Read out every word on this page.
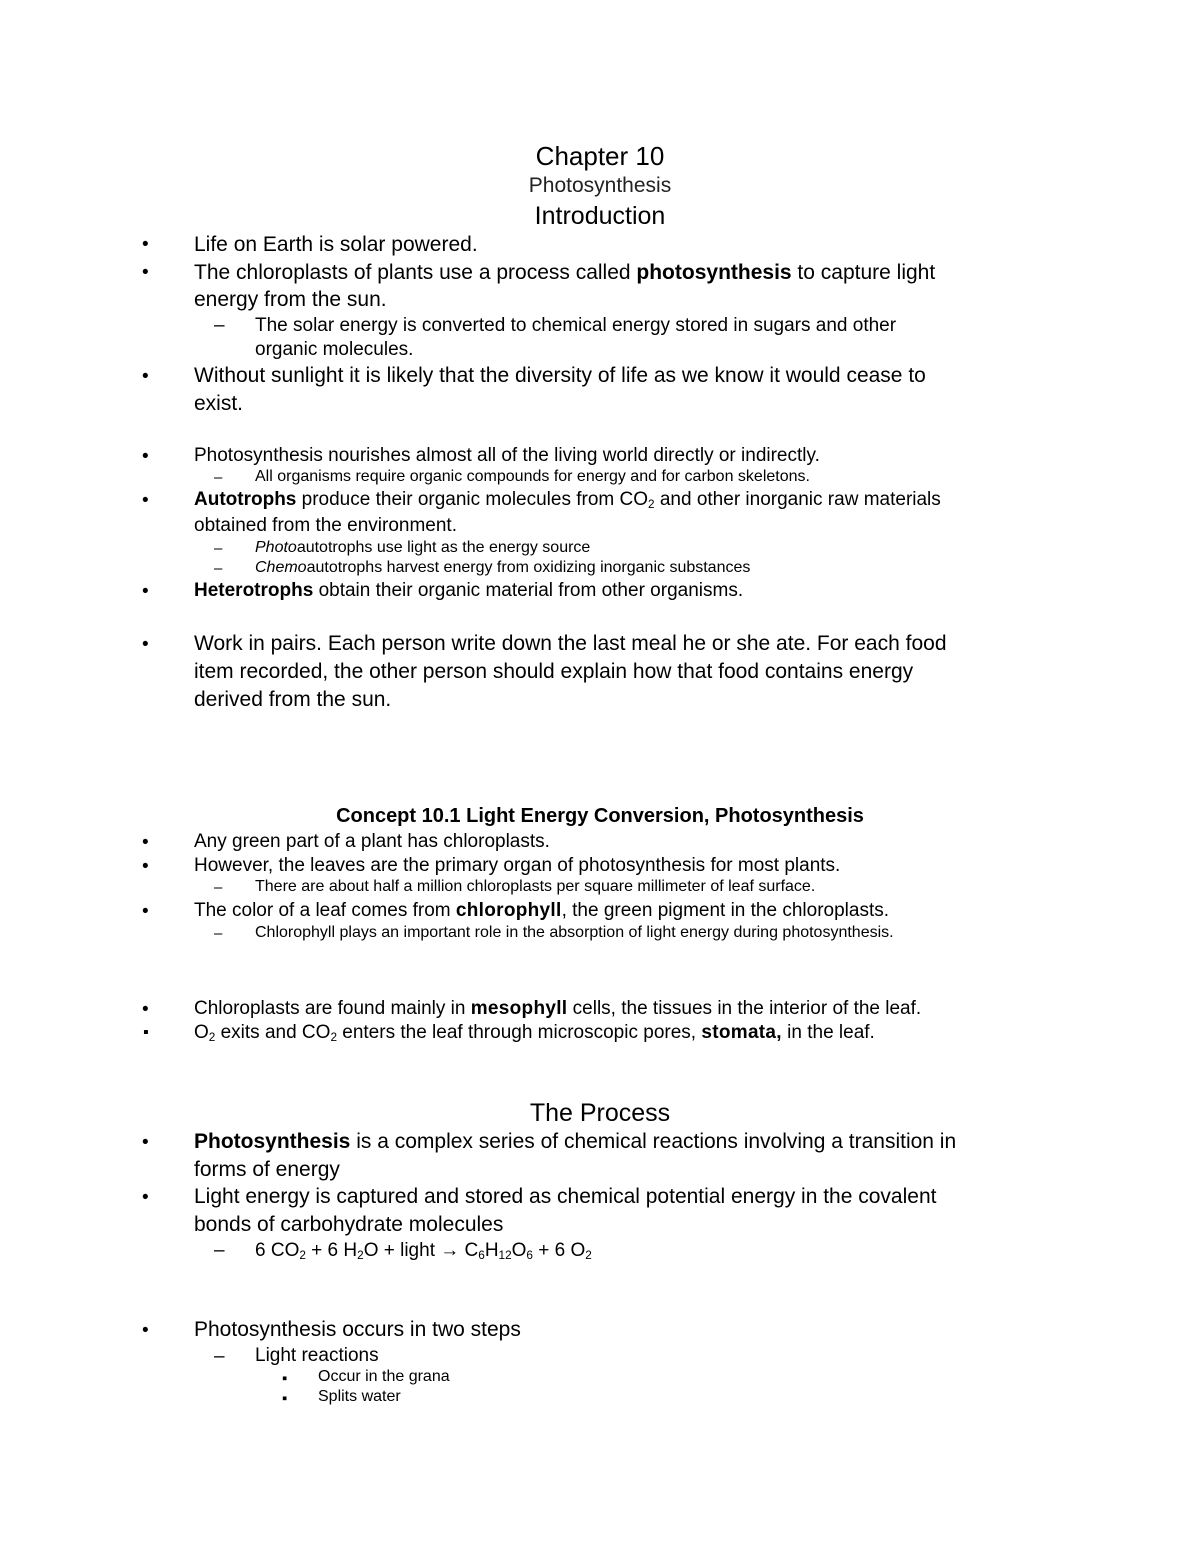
Chapter 10
Photosynthesis
Introduction
• Life on Earth is solar powered.
• The chloroplasts of plants use a process called photosynthesis to capture light
energy from the sun.
– The solar energy is converted to chemical energy stored in sugars and other
organic molecules.
• Without sunlight it is likely that the diversity of life as we know it would cease to
exist.
• Photosynthesis nourishes almost all of the living world directly or indirectly.
– All organisms require organic compounds for energy and for carbon skeletons.
• Autotrophs produce their organic molecules from $CO_2$ and other inorganic raw materials
obtained from the environment.
– Photoautotrophs use light as the energy source
– Chemoautotrophs harvest energy from oxidizing inorganic substances
• Heterotrophs obtain their organic material from other organisms.
• Work in pairs. Each person write down the last meal he or she ate. For each food
item recorded, the other person should explain how that food contains energy
derived from the sun.
Concept 10.1 Light Energy Conversion, Photosynthesis
• Any green part of a plant has chloroplasts.
• However, the leaves are the primary organ of photosynthesis for most plants.
– There are about half a million chloroplasts per square millimeter of leaf surface.
• The color of a leaf comes from chlorophyll, the green pigment in the chloroplasts.
– Chlorophyll plays an important role in the absorption of light energy during photosynthesis.
• Chloroplasts are found mainly in mesophyll cells, the tissues in the interior of the leaf.
▪ $O_2$ exits and $CO_2$ enters the leaf through microscopic pores, stomata, in the leaf.
The Process
• Photosynthesis is a complex series of chemical reactions involving a transition in
forms of energy
• Light energy is captured and stored as chemical potential energy in the covalent
bonds of carbohydrate molecules
– 6 $CO_2 + 6$ $H_2O$ + light → $C_6H_{12}O_6 + 6$ $O_2$
• Photosynthesis occurs in two steps
– Light reactions
▪ Occur in the grana
▪ Splits water
